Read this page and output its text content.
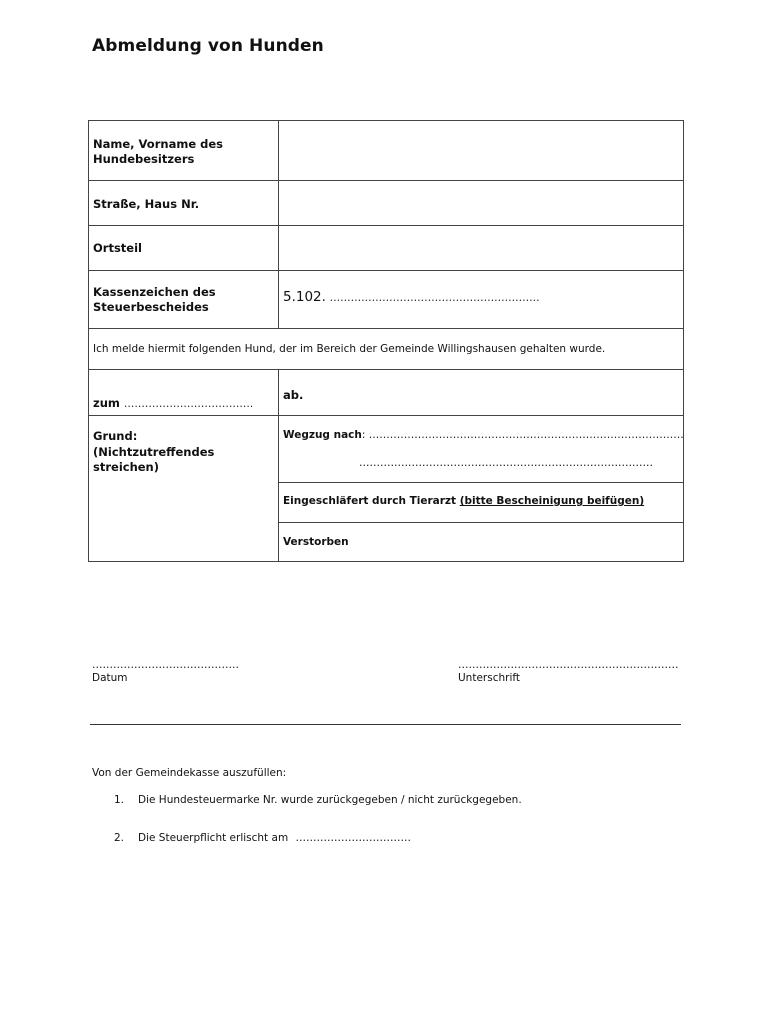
Abmeldung von Hunden
Name, Vorname des Hundebesitzers
Straße, Haus Nr.
Ortsteil
Kassenzeichen des Steuerbescheides
5.102. ……………………………………………………
Ich melde hiermit folgenden Hund, der im Bereich der Gemeinde Willingshausen gehalten wurde.
zum ……………………………….
ab.
Grund: (Nichtzutreffendes streichen)
Wegzug nach: ………………………………………………………………………………
…………………………………………………………………………
Eingeschläfert durch Tierarzt (bitte Bescheinigung beifügen)
Verstorben
……………………………………
Datum
………………………………………………………
Unterschrift
Von der Gemeindekasse auszufüllen:
1. Die Hundesteuermarke Nr. wurde zurückgegeben / nicht zurückgegeben.
2. Die Steuerpflicht erlischt am ……………………………
